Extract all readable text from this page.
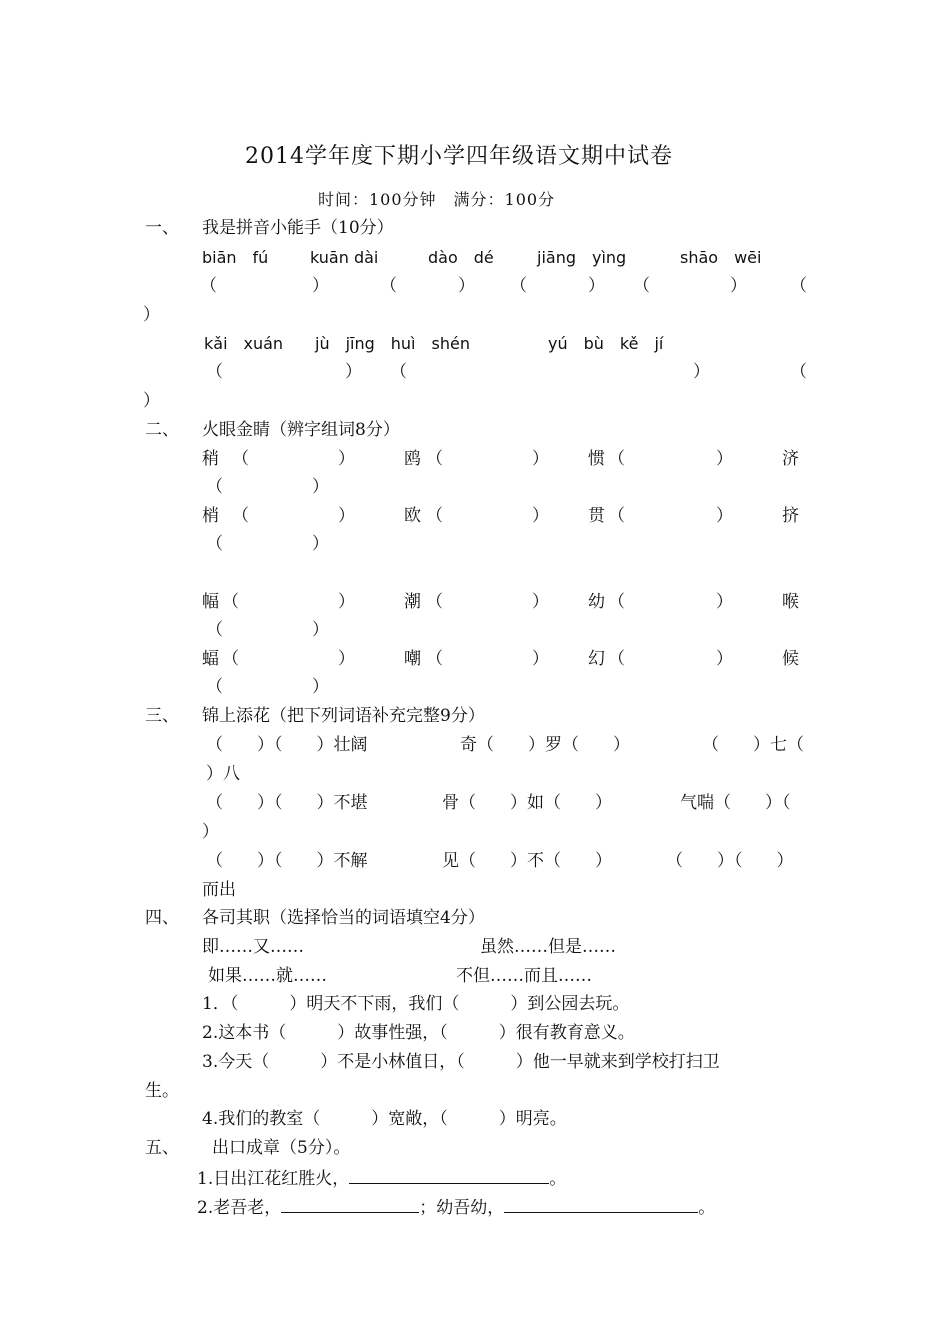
2014学年度下期小学四年级语文期中试卷
时间：100分钟　满分：100分
一、 我是拼音小能手（10分）
biān　fú	kuān dài	dào　dé	jiāng　yìng	shāo　wēi
（	）	（	） （	） （	）	（
）
kǎi　xuán jù　jīng　huì　shén	yú　bù　kě　jí
（	） （	）	（
）
二、 火眼金睛（辨字组词8分）
稍 （	）	鸥 （	） 惯 （	）	济
（	）
梢 （	）	欧 （	） 贯 （	）	挤
（	）
幅 （	）	潮 （	） 幼 （	）	喉
（	）
蝠 （	）	嘲 （	） 幻 （	）	候
（	）
三、 锦上添花（把下列词语补充完整9分）
（　　）（　　）壮阔	奇（　　）罗（　　）	（　　）七（
）八
（　　）（　　）不堪	骨（　　）如（　　）	气喘（　　）（
）
（　　）（　　）不解	见（　　）不（　　）	（　　）（　　）
而出
四、 各司其职（选择恰当的词语填空4分）
即……又……	虽然……但是……
如果……就……	不但……而且……
1．（　　　）明天不下雨，我们（　　　）到公园去玩。
2.这本书（　　　）故事性强，（　　　）很有教育意义。
3.今天（　　　）不是小林值日，（　　　）他一早就来到学校打扫卫
生。
4.我们的教室（　　　）宽敞，（　　　）明亮。
五、 出口成章（5分）。
1.日出江花红胜火，	。
2.老吾老，	；幼吾幼，	。
